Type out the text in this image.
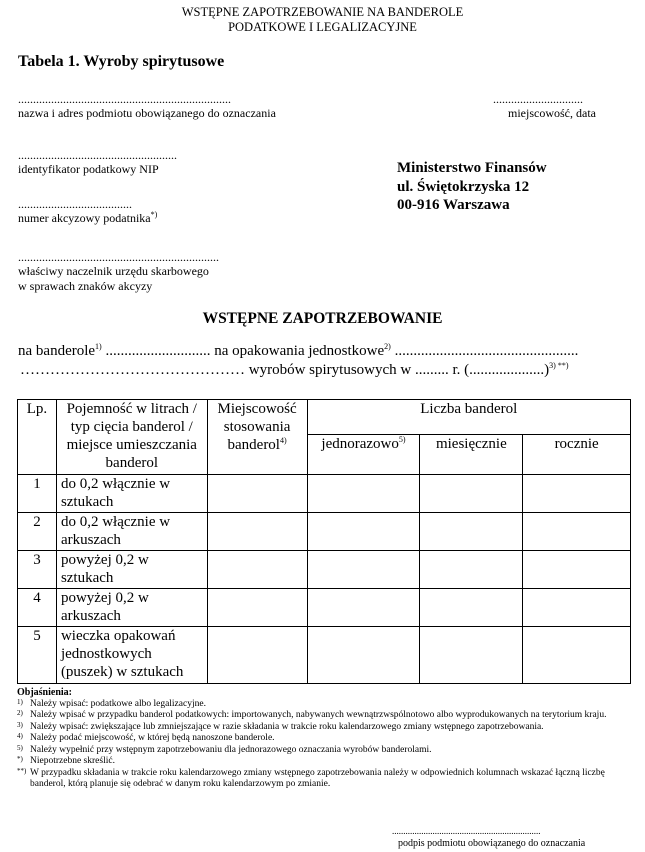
WSTĘPNE ZAPOTRZEBOWANIE NA BANDEROLE
PODATKOWE I LEGALIZACYJNE
Tabela 1. Wyroby spirytusowe
.......................................................................
nazwa i adres podmiotu obowiązanego do oznaczania
..............................
miejscowość, data
.....................................................
identyfikator podatkowy NIP
......................................
numer akcyzowy podatnika*)
...................................................................
właściwy naczelnik urzędu skarbowego
w sprawach znaków akcyzy
Ministerstwo Finansów
ul. Świętokrzyska 12
00-916 Warszawa
WSTĘPNE ZAPOTRZEBOWANIE
na banderole$^{1)}$ ............................ na opakowania jednostkowe$^{2)}$ .................................................
……………………………………… wyrobów spirytusowych w ......... r. (....................)$^{3) **)}$
Lp.	Pojemność w litrach / typ cięcia banderol / miejsce umieszczania banderol	Miejscowość stosowania banderol$^{4)}$	Liczba banderol		
			jednorazowo$^{5)}$	miesięcznie	rocznie
1	do 0,2 włącznie w sztukach				
2	do 0,2 włącznie w arkuszach				
3	powyżej 0,2 w sztukach				
4	powyżej 0,2 w arkuszach				
5	wieczka opakowań jednostkowych (puszek) w sztukach				
Objaśnienia:
1) Należy wpisać: podatkowe albo legalizacyjne.
2) Należy wpisać w przypadku banderol podatkowych: importowanych, nabywanych wewnątrzwspólnotowo albo wyprodukowanych na terytorium kraju.
3) Należy wpisać: zwiększające lub zmniejszające w razie składania w trakcie roku kalendarzowego zmiany wstępnego zapotrzebowania.
4) Należy podać miejscowość, w której będą nanoszone banderole.
5) Należy wypełnić przy wstępnym zapotrzebowaniu dla jednorazowego oznaczania wyrobów banderolami.
*) Niepotrzebne skreślić.
**) W przypadku składania w trakcie roku kalendarzowego zmiany wstępnego zapotrzebowania należy w odpowiednich kolumnach wskazać łączną liczbę banderol, którą planuje się odebrać w danym roku kalendarzowym po zmianie.
..................................................................
podpis podmiotu obowiązanego do oznaczania
